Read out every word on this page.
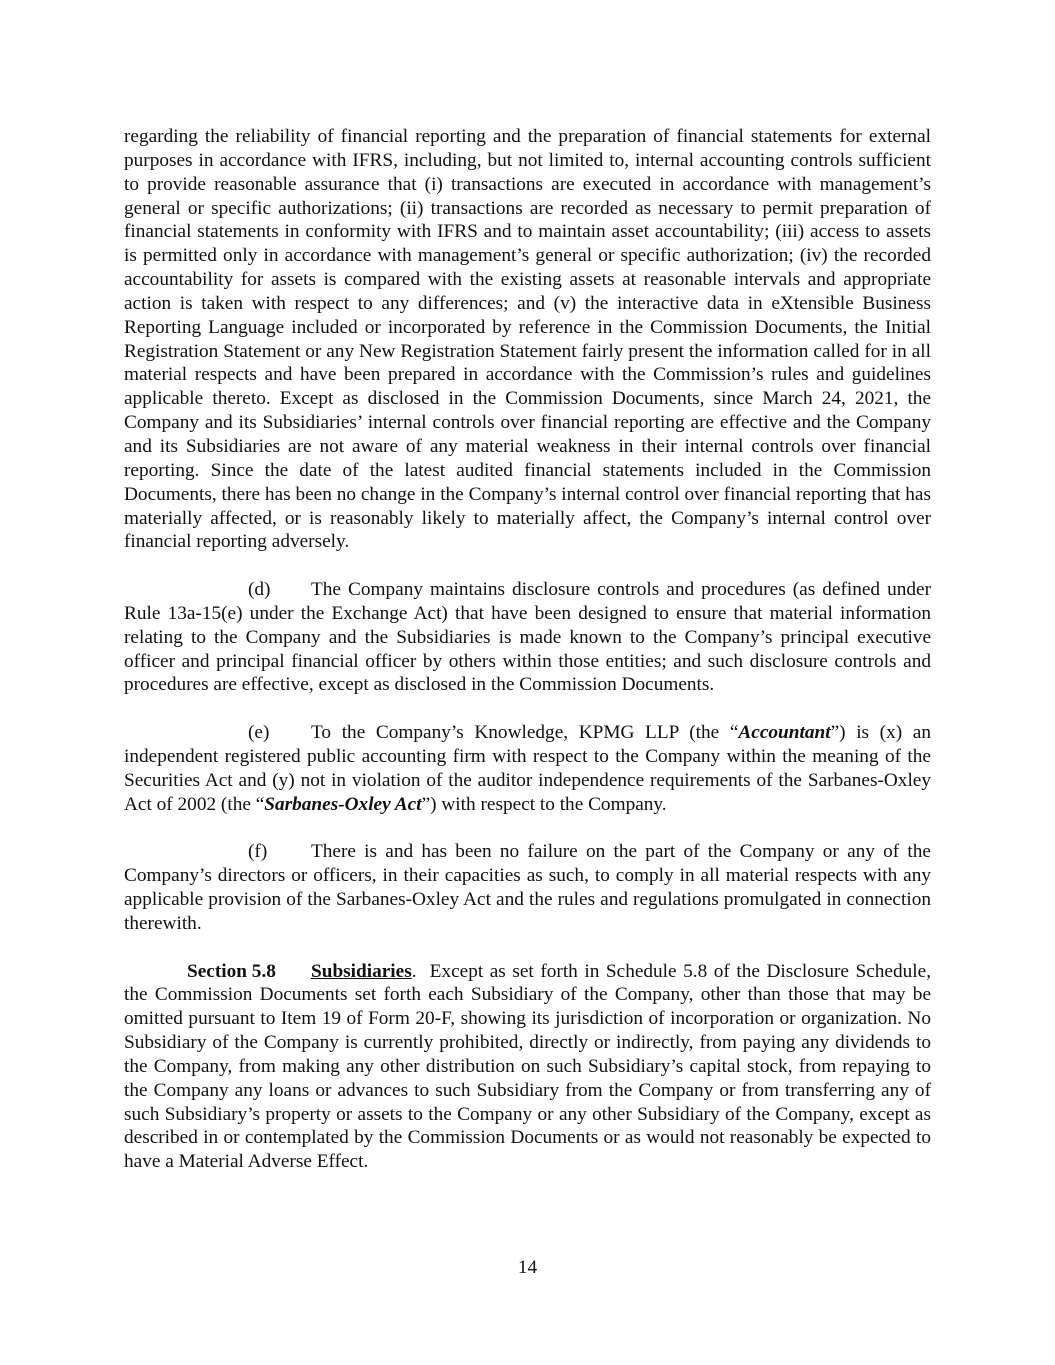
regarding the reliability of financial reporting and the preparation of financial statements for external purposes in accordance with IFRS, including, but not limited to, internal accounting controls sufficient to provide reasonable assurance that (i) transactions are executed in accordance with management’s general or specific authorizations; (ii) transactions are recorded as necessary to permit preparation of financial statements in conformity with IFRS and to maintain asset accountability; (iii) access to assets is permitted only in accordance with management’s general or specific authorization; (iv) the recorded accountability for assets is compared with the existing assets at reasonable intervals and appropriate action is taken with respect to any differences; and (v) the interactive data in eXtensible Business Reporting Language included or incorporated by reference in the Commission Documents, the Initial Registration Statement or any New Registration Statement fairly present the information called for in all material respects and have been prepared in accordance with the Commission’s rules and guidelines applicable thereto. Except as disclosed in the Commission Documents, since March 24, 2021, the Company and its Subsidiaries’ internal controls over financial reporting are effective and the Company and its Subsidiaries are not aware of any material weakness in their internal controls over financial reporting. Since the date of the latest audited financial statements included in the Commission Documents, there has been no change in the Company’s internal control over financial reporting that has materially affected, or is reasonably likely to materially affect, the Company’s internal control over financial reporting adversely.

(d) The Company maintains disclosure controls and procedures (as defined under Rule 13a-15(e) under the Exchange Act) that have been designed to ensure that material information relating to the Company and the Subsidiaries is made known to the Company’s principal executive officer and principal financial officer by others within those entities; and such disclosure controls and procedures are effective, except as disclosed in the Commission Documents.

(e) To the Company’s Knowledge, KPMG LLP (the “Accountant”) is (x) an independent registered public accounting firm with respect to the Company within the meaning of the Securities Act and (y) not in violation of the auditor independence requirements of the Sarbanes-Oxley Act of 2002 (the “Sarbanes-Oxley Act”) with respect to the Company.

(f) There is and has been no failure on the part of the Company or any of the Company’s directors or officers, in their capacities as such, to comply in all material respects with any applicable provision of the Sarbanes-Oxley Act and the rules and regulations promulgated in connection therewith.

Section 5.8 Subsidiaries. Except as set forth in Schedule 5.8 of the Disclosure Schedule, the Commission Documents set forth each Subsidiary of the Company, other than those that may be omitted pursuant to Item 19 of Form 20-F, showing its jurisdiction of incorporation or organization. No Subsidiary of the Company is currently prohibited, directly or indirectly, from paying any dividends to the Company, from making any other distribution on such Subsidiary’s capital stock, from repaying to the Company any loans or advances to such Subsidiary from the Company or from transferring any of such Subsidiary’s property or assets to the Company or any other Subsidiary of the Company, except as described in or contemplated by the Commission Documents or as would not reasonably be expected to have a Material Adverse Effect.

14
